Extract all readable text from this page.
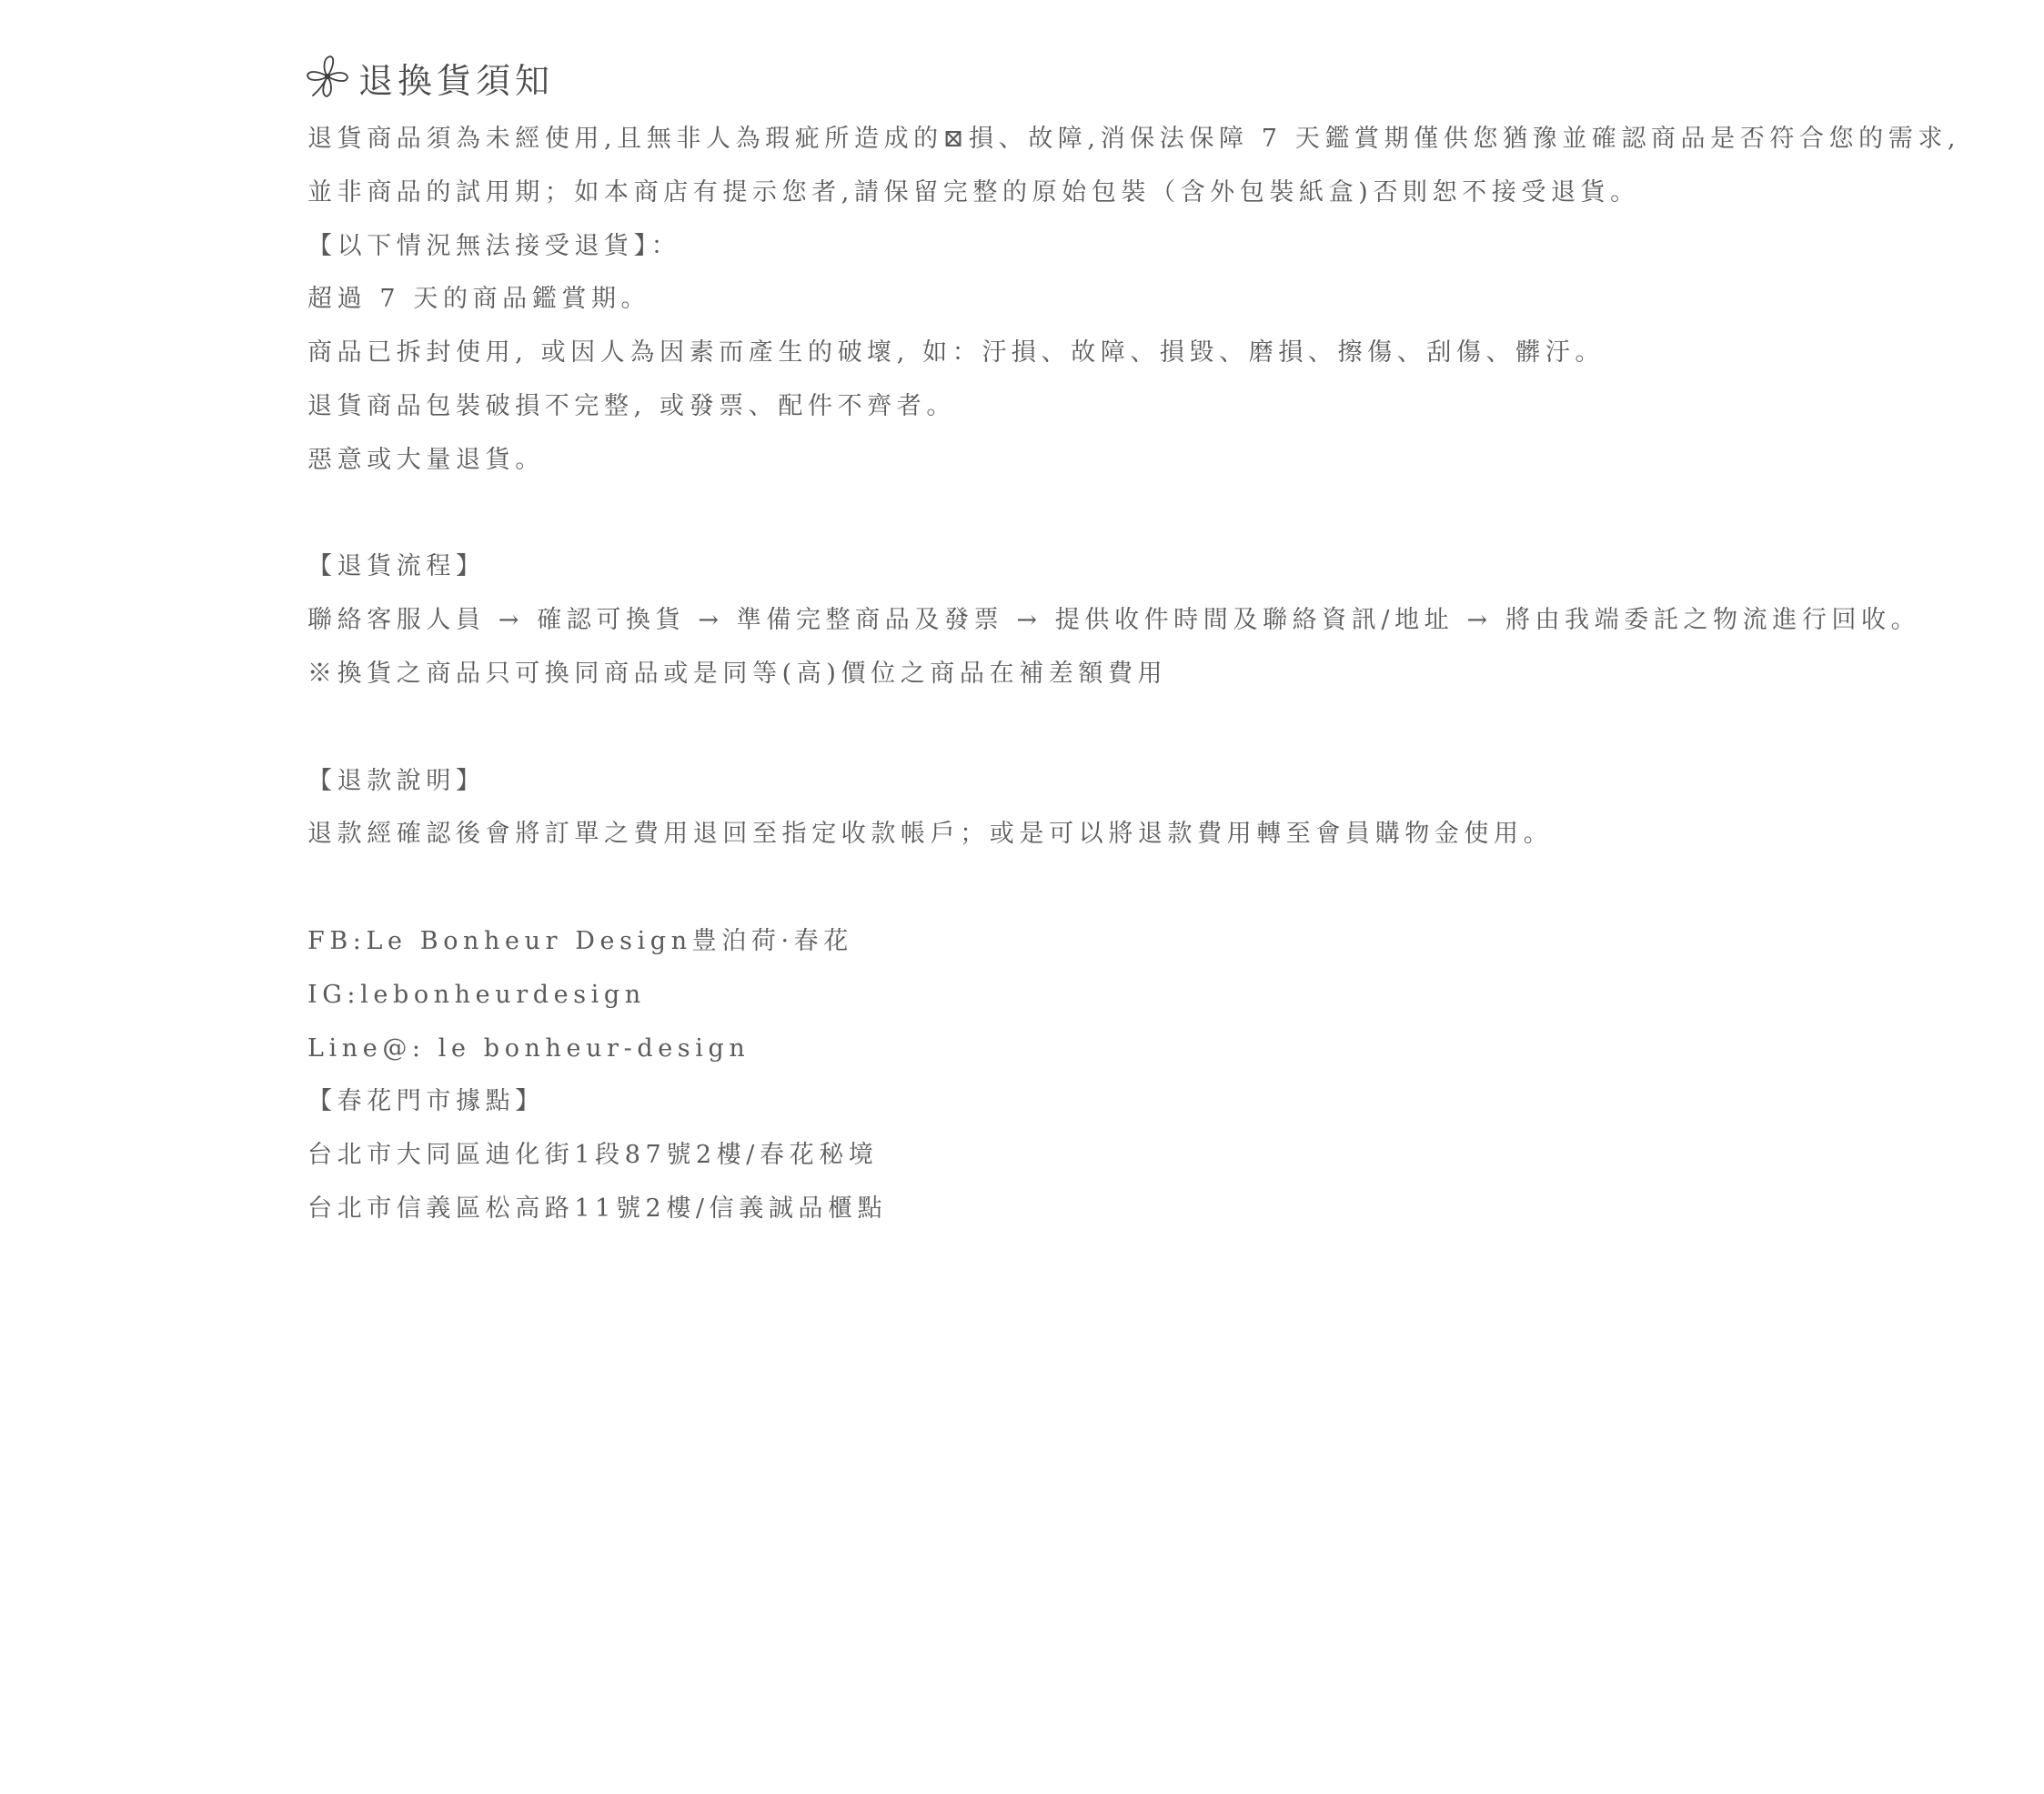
退換貨須知
退貨商品須為未經使用,且無非人為瑕疵所造成的⊠損、故障,消保法保障 7 天鑑賞期僅供您猶豫並確認商品是否符合您的需求,
並非商品的試用期；如本商店有提示您者,請保留完整的原始包裝（含外包裝紙盒)否則恕不接受退貨。
【以下情況無法接受退貨】：
超過 7 天的商品鑑賞期。
商品已拆封使用, 或因人為因素而產生的破壞, 如：汙損、故障、損毀、磨損、擦傷、刮傷、髒汙。
退貨商品包裝破損不完整, 或發票、配件不齊者。
惡意或大量退貨。
【退貨流程】
聯絡客服人員 → 確認可換貨 → 準備完整商品及發票 → 提供收件時間及聯絡資訊/地址 → 將由我端委託之物流進行回收。
※換貨之商品只可換同商品或是同等(高)價位之商品在補差額費用
【退款說明】
退款經確認後會將訂單之費用退回至指定收款帳戶；或是可以將退款費用轉至會員購物金使用。
FB:Le Bonheur Design豊泊荷·春花
IG:lebonheurdesign
Line@: le bonheur-design
【春花門市據點】
台北市大同區迪化街1段87號2樓/春花秘境
台北市信義區松高路11號2樓/信義誠品櫃點
